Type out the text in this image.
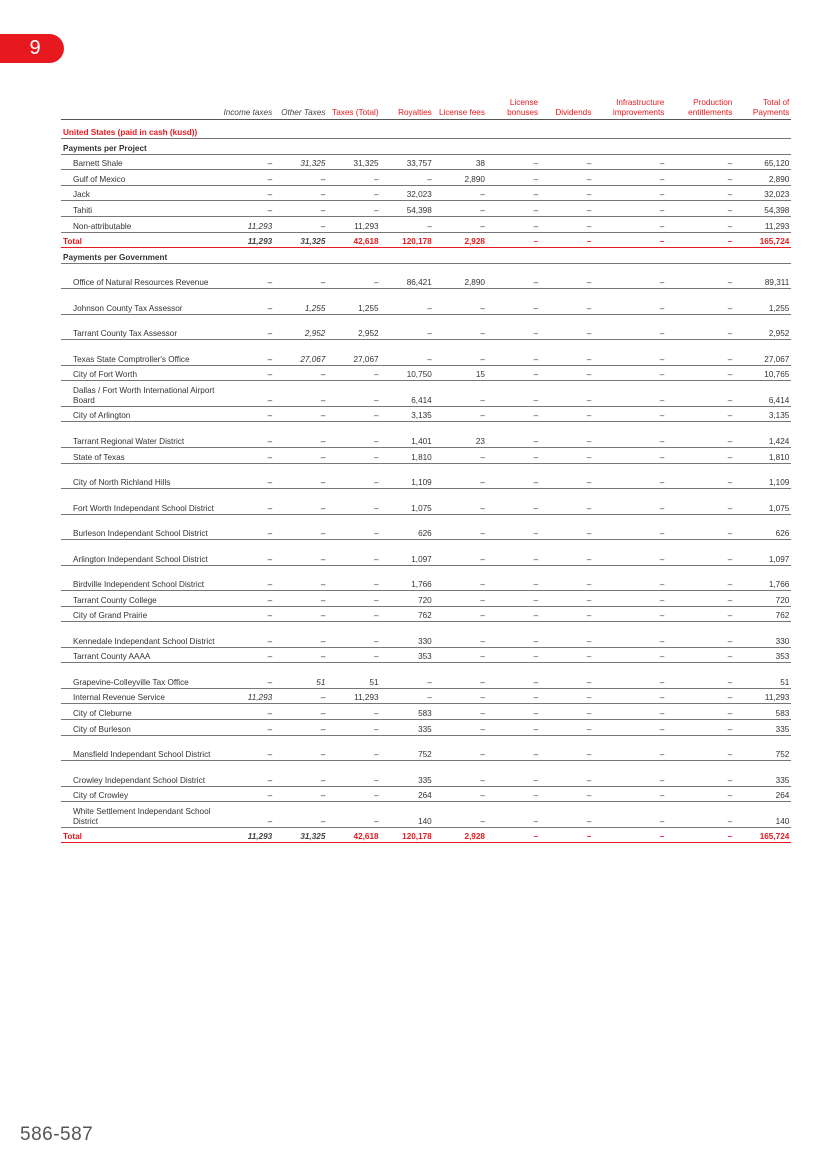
9
	Income taxes	Other Taxes	Taxes (Total)	Royalties	License fees	License bonuses	Dividends	Infrastructure improvements	Production entitlements	Total of Payments
United States (paid in cash (kusd))										
Payments per Project										
Barnett Shale	–	31,325	31,325	33,757	38	–	–	–	–	65,120
Gulf of Mexico	–	–	–	–	2,890	–	–	–	–	2,890
Jack	–	–	–	32,023	–	–	–	–	–	32,023
Tahiti	–	–	–	54,398	–	–	–	–	–	54,398
Non-attributable	11,293	–	11,293	–	–	–	–	–	–	11,293
Total	11,293	31,325	42,618	120,178	2,928	–	–	–	–	165,724
Payments per Government										
Office of Natural Resources Revenue	–	–	–	86,421	2,890	–	–	–	–	89,311
Johnson County Tax Assessor	–	1,255	1,255	–	–	–	–	–	–	1,255
Tarrant County Tax Assessor	–	2,952	2,952	–	–	–	–	–	–	2,952
Texas State Comptroller's Office	–	27,067	27,067	–	–	–	–	–	–	27,067
City of Fort Worth	–	–	–	10,750	15	–	–	–	–	10,765
Dallas / Fort Worth International Airport Board	–	–	–	6,414	–	–	–	–	–	6,414
City of Arlington	–	–	–	3,135	–	–	–	–	–	3,135
Tarrant Regional Water District	–	–	–	1,401	23	–	–	–	–	1,424
State of Texas	–	–	–	1,810	–	–	–	–	–	1,810
City of North Richland Hills	–	–	–	1,109	–	–	–	–	–	1,109
Fort Worth Independant School District	–	–	–	1,075	–	–	–	–	–	1,075
Burleson Independant School District	–	–	–	626	–	–	–	–	–	626
Arlington Independant School District	–	–	–	1,097	–	–	–	–	–	1,097
Birdville Independent School District	–	–	–	1,766	–	–	–	–	–	1,766
Tarrant County College	–	–	–	720	–	–	–	–	–	720
City of Grand Prairie	–	–	–	762	–	–	–	–	–	762
Kennedale Independant School District	–	–	–	330	–	–	–	–	–	330
Tarrant County AAAA	–	–	–	353	–	–	–	–	–	353
Grapevine-Colleyville Tax Office	–	51	51	–	–	–	–	–	–	51
Internal Revenue Service	11,293	–	11,293	–	–	–	–	–	–	11,293
City of Cleburne	–	–	–	583	–	–	–	–	–	583
City of Burleson	–	–	–	335	–	–	–	–	–	335
Mansfield Independant School District	–	–	–	752	–	–	–	–	–	752
Crowley Independant School District	–	–	–	335	–	–	–	–	–	335
City of Crowley	–	–	–	264	–	–	–	–	–	264
White Settlement Independant School District	–	–	–	140	–	–	–	–	–	140
Total	11,293	31,325	42,618	120,178	2,928	–	–	–	–	165,724
586-587
